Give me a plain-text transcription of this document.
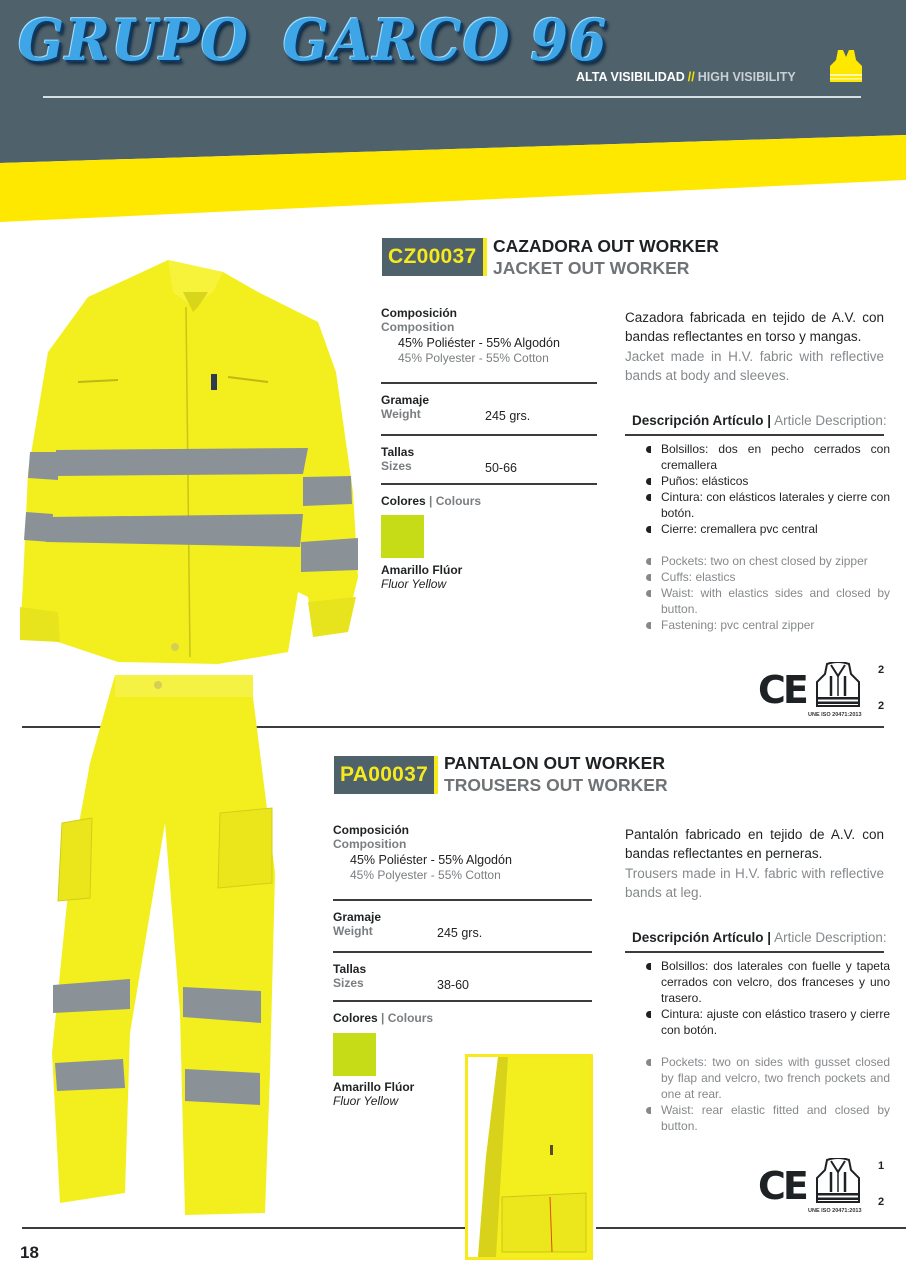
GRUPO GARCO 96
ALTA VISIBILIDAD // HIGH VISIBILITY
CZ00037 CAZADORA OUT WORKER
JACKET OUT WORKER
Composición
Composition
45% Poliéster - 55% Algodón
45% Polyester - 55% Cotton
Gramaje
Weight	245 grs.
Tallas
Sizes	50-66
Colores | Colours
Amarillo Flúor
Fluor Yellow
Cazadora fabricada en tejido de A.V. con bandas reflectantes en torso y mangas.
Jacket made in H.V. fabric with reflective bands at body and sleeves.
Descripción Artículo | Article Description:
Bolsillos: dos en pecho cerrados con cremallera
Puños: elásticos
Cintura: con elásticos laterales y cierre con botón.
Cierre: cremallera pvc central
Pockets: two on chest closed by zipper
Cuffs: elastics
Waist: with elastics sides and closed by button.
Fastening: pvc central zipper
CE
UNE ISO 20471:2013
2
2
PA00037 PANTALON OUT WORKER
TROUSERS OUT WORKER
Composición
Composition
45% Poliéster - 55% Algodón
45% Polyester - 55% Cotton
Gramaje
Weight	245 grs.
Tallas
Sizes	38-60
Colores | Colours
Amarillo Flúor
Fluor Yellow
Pantalón fabricado en tejido de A.V. con bandas reflectantes en perneras.
Trousers made in H.V. fabric with reflective bands at leg.
Descripción Artículo | Article Description:
Bolsillos: dos laterales con fuelle y tapeta cerrados con velcro, dos franceses y uno trasero.
Cintura: ajuste con elástico trasero y cierre con botón.
Pockets: two on sides with gusset closed by flap and velcro, two french pockets and one at rear.
Waist: rear elastic fitted and closed by button.
CE
UNE ISO 20471:2013
1
2
18
